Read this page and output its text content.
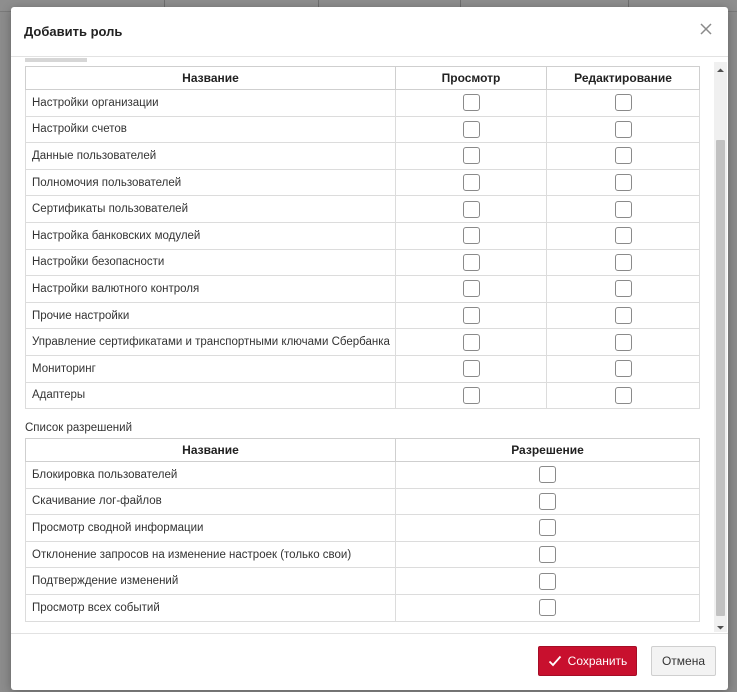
Добавить роль
Название	Просмотр	Редактирование
Настройки организации		
Настройки счетов		
Данные пользователей		
Полномочия пользователей		
Сертификаты пользователей		
Настройка банковских модулей		
Настройки безопасности		
Настройки валютного контроля		
Прочие настройки		
Управление сертификатами и транспортными ключами Сбербанка		
Мониторинг		
Адаптеры		
Список разрешений
Название	Разрешение
Блокировка пользователей	
Скачивание лог-файлов	
Просмотр сводной информации	
Отклонение запросов на изменение настроек (только свои)	
Подтверждение изменений	
Просмотр всех событий	
Сохранить	Отмена
